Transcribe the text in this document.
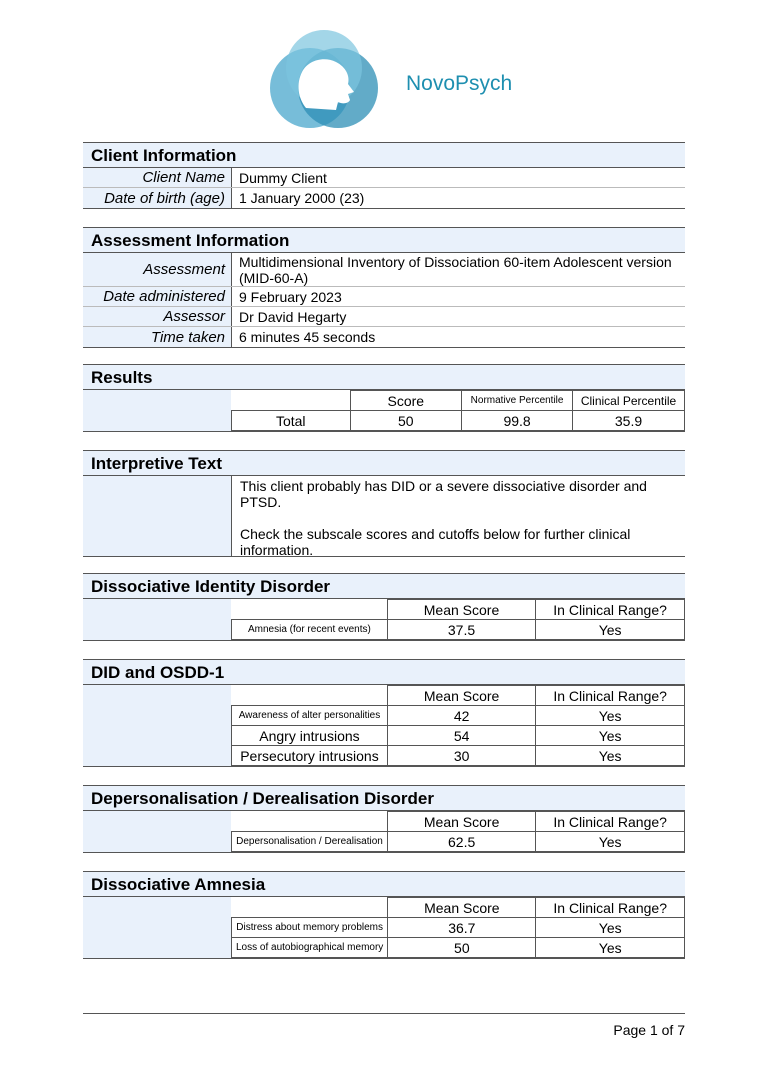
NovoPsych
Client Information
Client Name	Dummy Client
Date of birth (age)	1 January 2000 (23)
Assessment Information
Assessment	Multidimensional Inventory of Dissociation 60-item Adolescent version (MID-60-A)
Date administered	9 February 2023
Assessor	Dr David Hegarty
Time taken	6 minutes 45 seconds
Results
	Score	Normative Percentile	Clinical Percentile
Total	50	99.8	35.9
Interpretive Text

This client probably has DID or a severe dissociative disorder and PTSD.

Check the subscale scores and cutoffs below for further clinical information.

Dissociative Identity Disorder
	Mean Score	In Clinical Range?
Amnesia (for recent events)	37.5	Yes
DID and OSDD-1
	Mean Score	In Clinical Range?
Awareness of alter personalities	42	Yes
Angry intrusions	54	Yes
Persecutory intrusions	30	Yes
Depersonalisation / Derealisation Disorder
	Mean Score	In Clinical Range?
Depersonalisation / Derealisation	62.5	Yes
Dissociative Amnesia
	Mean Score	In Clinical Range?
Distress about memory problems	36.7	Yes
Loss of autobiographical memory	50	Yes
Page 1 of 7
